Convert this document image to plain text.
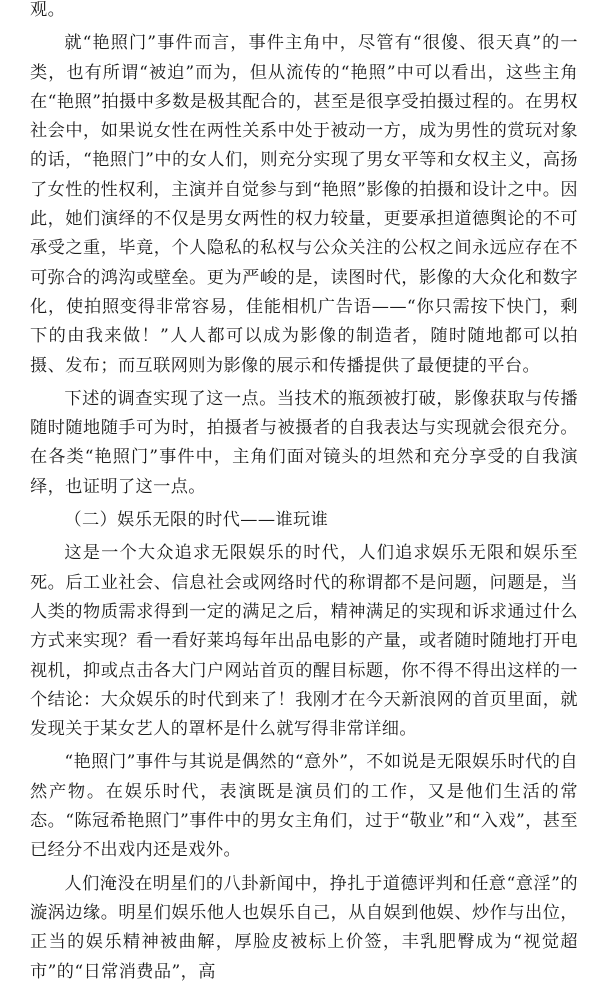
观。

就“艳照门”事件而言，事件主角中，尽管有“很傻、很天真”的一类，也有所谓“被迫”而为，但从流传的“艳照”中可以看出，这些主角在“艳照”拍摄中多数是极其配合的，甚至是很享受拍摄过程的。在男权社会中，如果说女性在两性关系中处于被动一方，成为男性的赏玩对象的话，“艳照门”中的女人们，则充分实现了男女平等和女权主义，高扬了女性的性权利，主演并自觉参与到“艳照”影像的拍摄和设计之中。因此，她们演绎的不仅是男女两性的权力较量，更要承担道德舆论的不可承受之重，毕竟，个人隐私的私权与公众关注的公权之间永远应存在不可弥合的鸿沟或壁垒。更为严峻的是，读图时代，影像的大众化和数字化，使拍照变得非常容易，佳能相机广告语——“你只需按下快门，剩下的由我来做！”人人都可以成为影像的制造者，随时随地都可以拍摄、发布；而互联网则为影像的展示和传播提供了最便捷的平台。

下述的调查实现了这一点。当技术的瓶颈被打破，影像获取与传播随时随地随手可为时，拍摄者与被摄者的自我表达与实现就会很充分。在各类“艳照门”事件中，主角们面对镜头的坦然和充分享受的自我演绎，也证明了这一点。

（二）娱乐无限的时代——谁玩谁

这是一个大众追求无限娱乐的时代，人们追求娱乐无限和娱乐至死。后工业社会、信息社会或网络时代的称谓都不是问题，问题是，当人类的物质需求得到一定的满足之后，精神满足的实现和诉求通过什么方式来实现？看一看好莱坞每年出品电影的产量，或者随时随地打开电视机，抑或点击各大门户网站首页的醒目标题，你不得不得出这样的一个结论：大众娱乐的时代到来了！我刚才在今天新浪网的首页里面，就发现关于某女艺人的罩杯是什么就写得非常详细。

“艳照门”事件与其说是偶然的“意外”，不如说是无限娱乐时代的自然产物。在娱乐时代，表演既是演员们的工作，又是他们生活的常态。“陈冠希艳照门”事件中的男女主角们，过于“敬业”和“入戏”，甚至已经分不出戏内还是戏外。

人们淹没在明星们的八卦新闻中，挣扎于道德评判和任意“意淫”的漩涡边缘。明星们娱乐他人也娱乐自己，从自娱到他娱、炒作与出位，正当的娱乐精神被曲解，厚脸皮被标上价签，丰乳肥臀成为“视觉超市”的“日常消费品”，高
